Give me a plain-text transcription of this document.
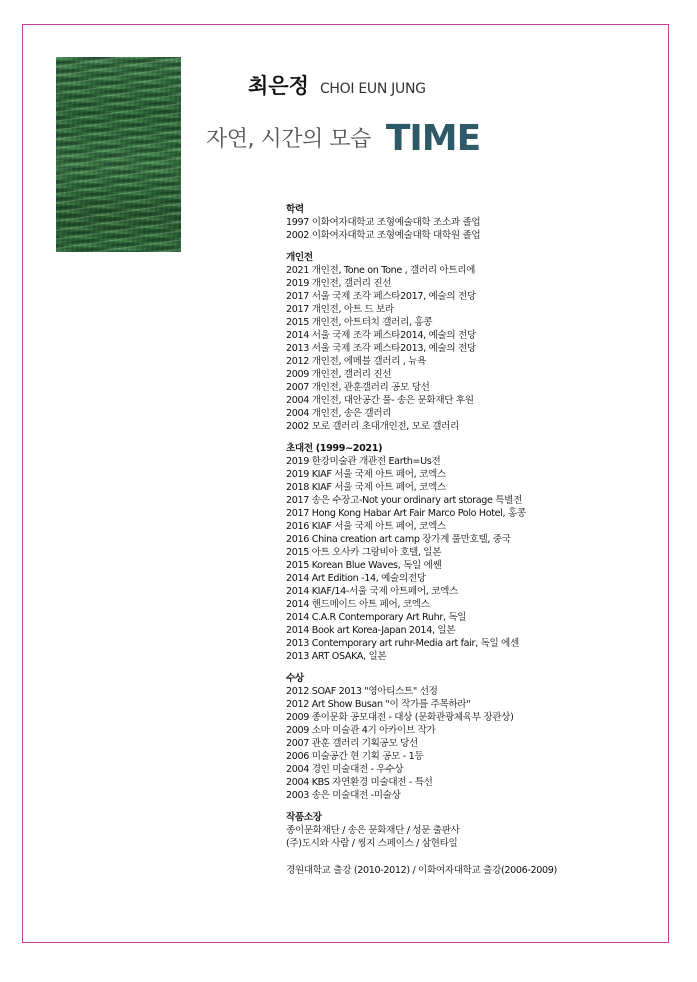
최은정 CHOI EUN JUNG
자연, 시간의 모습 TIME
학력
1997 이화여자대학교 조형예술대학 조소과 졸업
2002 이화여자대학교 조형예술대학 대학원 졸업
개인전
2021 개인전, Tone on Tone , 갤러리 아트리에
2019 개인전, 갤러리 진선
2017 서울 국제 조각 페스타2017, 예술의 전당
2017 개인전, 아트 드 보라
2015 개인전, 아트터치 갤러리, 홍콩
2014 서울 국제 조각 페스타2014, 예술의 전당
2013 서울 국제 조각 페스타2013, 예술의 전당
2012 개인전, 에메블 갤러리 , 뉴욕
2009 개인전, 갤러리 진선
2007 개인전, 관훈갤러리 공모 당선
2004 개인전, 대안공간 풀- 송은 문화재단 후원
2004 개인전, 송은 갤러리
2002 모로 갤러리 초대개인전, 모로 갤러리
초대전 (1999~2021)
2019 한강미술관 개관전 Earth=Us전
2019 KIAF 서울 국제 아트 페어, 코엑스
2018 KIAF 서울 국제 아트 페어, 코엑스
2017 송은 수장고-Not your ordinary art storage 특별전
2017 Hong Kong Habar Art Fair Marco Polo Hotel, 홍콩
2016 KIAF 서울 국제 아트 페어, 코엑스
2016 China creation art camp 장가계 풀만호텔, 중국
2015 아트 오사카 그랑비아 호텔, 일본
2015 Korean Blue Waves, 독일 에쎈
2014 Art Edition -14, 예술의전당
2014 KIAF/14-서울 국제 아트페어, 코엑스
2014 핸드메이드 아트 페어, 코엑스
2014 C.A.R Contemporary Art Ruhr, 독일
2014 Book art Korea-Japan 2014, 일본
2013 Contemporary art ruhr-Media art fair, 독일 에센
2013 ART OSAKA, 일본
수상
2012 SOAF 2013 "영아티스트" 선정
2012 Art Show Busan "이 작가를 주목하라"
2009 종이문화 공모대전 - 대상 (문화관광체육부 장관상)
2009 소마 미술관 4기 아카이브 작가
2007 관훈 갤러리 기획공모 당선
2006 미술공간 현 기획 공모 - 1등
2004 경인 미술대전 - 우수상
2004 KBS 자연환경 미술대전 - 특선
2003 송은 미술대전 -미술상
작품소장
종이문화재단 / 송은 문화재단 / 성문 출판사
(주)도시와 사람 / 씽지 스페이스 / 삼현타일
경원대학교 출강 (2010-2012) / 이화여자대학교 출강(2006-2009)
